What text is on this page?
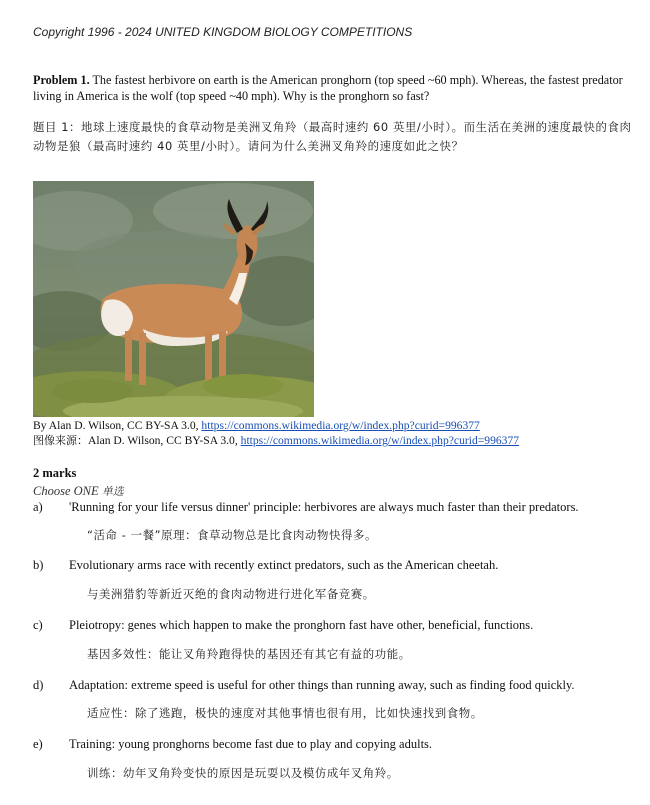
Copyright 1996 - 2024 UNITED KINGDOM BIOLOGY COMPETITIONS
Problem 1. The fastest herbivore on earth is the American pronghorn (top speed ~60 mph). Whereas, the fastest predator living in America is the wolf (top speed ~40 mph). Why is the pronghorn so fast?
题目 1：地球上速度最快的食草动物是美洲叉角羚（最高时速约 60 英里/小时）。而生活在美洲的速度最快的食肉动物是狼（最高时速约 40 英里/小时）。请问为什么美洲叉角羚的速度如此之快？
By Alan D. Wilson, CC BY-SA 3.0, https://commons.wikimedia.org/w/index.php?curid=996377
图像来源：Alan D. Wilson, CC BY-SA 3.0, https://commons.wikimedia.org/w/index.php?curid=996377
2 marks
Choose ONE 单选
a) 'Running for your life versus dinner' principle: herbivores are always much faster than their predators.
“活命 - 一餐”原理：食草动物总是比食肉动物快得多。
b) Evolutionary arms race with recently extinct predators, such as the American cheetah.
与美洲猎豹等新近灭绝的食肉动物进行进化军备竞赛。
c) Pleiotropy: genes which happen to make the pronghorn fast have other, beneficial, functions.
基因多效性：能让叉角羚跑得快的基因还有其它有益的功能。
d) Adaptation: extreme speed is useful for other things than running away, such as finding food quickly.
适应性：除了逃跑，极快的速度对其他事情也很有用，比如快速找到食物。
e) Training: young pronghorns become fast due to play and copying adults.
训练：幼年叉角羚变快的原因是玩耍以及模仿成年叉角羚。
